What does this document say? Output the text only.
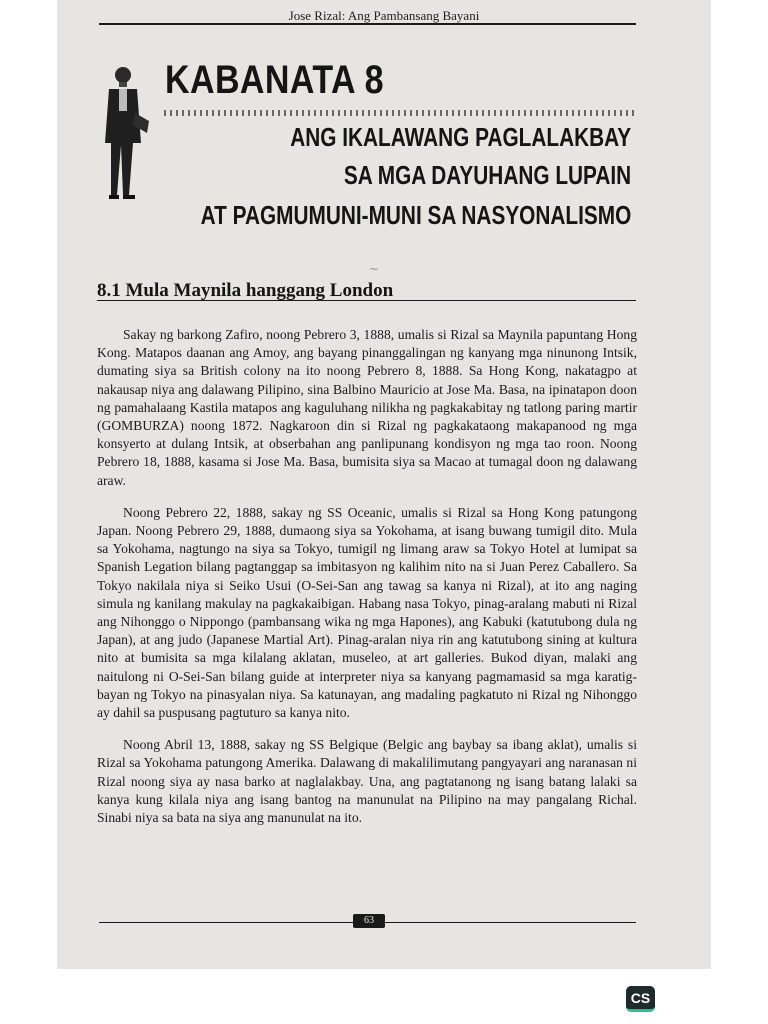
Jose Rizal: Ang Pambansang Bayani
KABANATA 8
ANG IKALAWANG PAGLALAKBAY
SA MGA DAYUHANG LUPAIN
AT PAGMUMUNI-MUNI SA NASYONALISMO
8.1 Mula Maynila hanggang London
~

Sakay ng barkong Zafiro, noong Pebrero 3, 1888, umalis si Rizal sa Maynila papuntang Hong Kong. Matapos daanan ang Amoy, ang bayang pinanggalingan ng kanyang mga ninunong Intsik, dumating siya sa British colony na ito noong Pebrero 8, 1888. Sa Hong Kong, nakatagpo at nakausap niya ang dalawang Pilipino, sina Balbino Mauricio at Jose Ma. Basa, na ipinatapon doon ng pamahalaang Kastila matapos ang kaguluhang nilikha ng pagkakabitay ng tatlong paring martir (GOMBURZA) noong 1872. Nagkaroon din si Rizal ng pagkakataong makapanood ng mga konsyerto at dulang Intsik, at obserbahan ang panlipunang kondisyon ng mga tao roon. Noong Pebrero 18, 1888, kasama si Jose Ma. Basa, bumisita siya sa Macao at tumagal doon ng dalawang araw.

Noong Pebrero 22, 1888, sakay ng SS Oceanic, umalis si Rizal sa Hong Kong patungong Japan. Noong Pebrero 29, 1888, dumaong siya sa Yokohama, at isang buwang tumigil dito. Mula sa Yokohama, nagtungo na siya sa Tokyo, tumigil ng limang araw sa Tokyo Hotel at lumipat sa Spanish Legation bilang pagtanggap sa imbitasyon ng kalihim nito na si Juan Perez Caballero. Sa Tokyo nakilala niya si Seiko Usui (O-Sei-San ang tawag sa kanya ni Rizal), at ito ang naging simula ng kanilang makulay na pagkakaibigan. Habang nasa Tokyo, pinag-aralang mabuti ni Rizal ang Nihonggo o Nippongo (pambansang wika ng mga Hapones), ang Kabuki (katutubong dula ng Japan), at ang judo (Japanese Martial Art). Pinag-aralan niya rin ang katutubong sining at kultura nito at bumisita sa mga kilalang aklatan, museleo, at art galleries. Bukod diyan, malaki ang naitulong ni O-Sei-San bilang guide at interpreter niya sa kanyang pagmamasid sa mga karatig-bayan ng Tokyo na pinasyalan niya. Sa katunayan, ang madaling pagkatuto ni Rizal ng Nihonggo ay dahil sa puspusang pagtuturo sa kanya nito.

Noong Abril 13, 1888, sakay ng SS Belgique (Belgic ang baybay sa ibang aklat), umalis si Rizal sa Yokohama patungong Amerika. Dalawang di makalilimutang pangyayari ang naranasan ni Rizal noong siya ay nasa barko at naglalakbay. Una, ang pagtatanong ng isang batang lalaki sa kanya kung kilala niya ang isang bantog na manunulat na Pilipino na may pangalang Richal. Sinabi niya sa bata na siya ang manunulat na ito.

63
CS
